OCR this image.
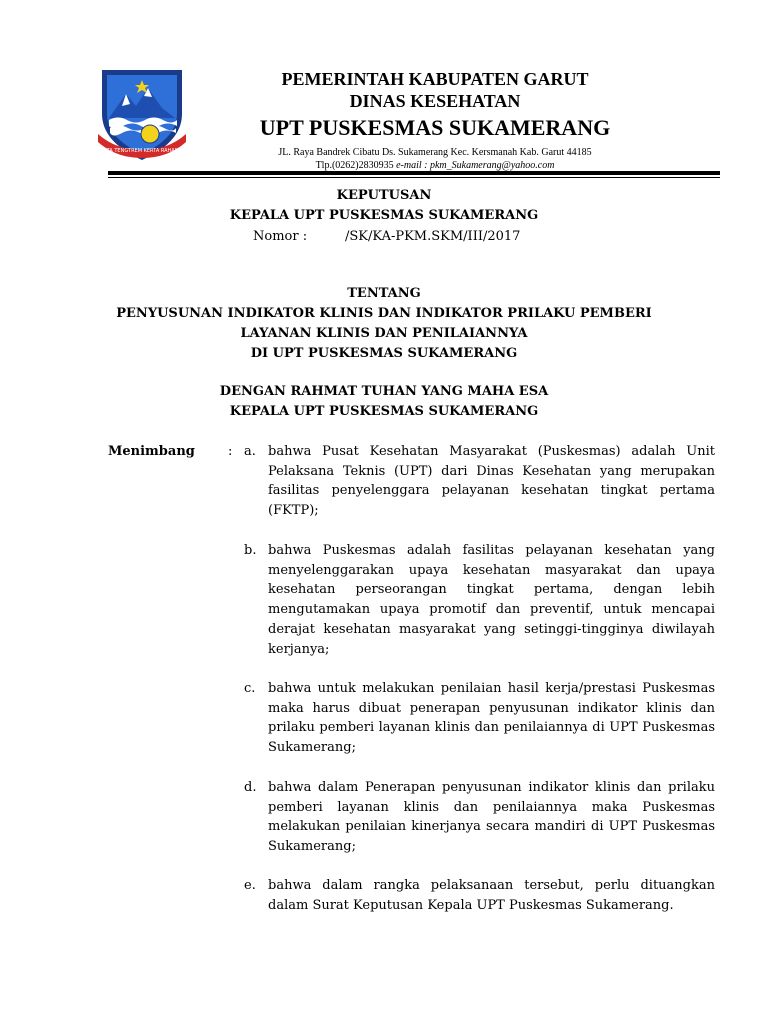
TATA TENGTREM KERTA RAHARJA
PEMERINTAH KABUPATEN GARUT
DINAS KESEHATAN
UPT PUSKESMAS SUKAMERANG
JL. Raya Bandrek Cibatu Ds. Sukamerang Kec. Kersmanah Kab. Garut 44185
Tlp.(0262)2830935 e-mail : pkm_Sukamerang@yahoo.com
KEPUTUSAN
KEPALA UPT PUSKESMAS SUKAMERANG
Nomor :	/SK/KA-PKM.SKM/III/2017
TENTANG
PENYUSUNAN INDIKATOR KLINIS DAN INDIKATOR PRILAKU PEMBERI
LAYANAN KLINIS DAN PENILAIANNYA
DI UPT PUSKESMAS SUKAMERANG
DENGAN RAHMAT TUHAN YANG MAHA ESA
KEPALA UPT PUSKESMAS SUKAMERANG
Menimbang	: a. bahwa Pusat Kesehatan Masyarakat (Puskesmas) adalah Unit Pelaksana Teknis (UPT) dari Dinas Kesehatan yang merupakan fasilitas penyelenggara pelayanan kesehatan tingkat pertama (FKTP);
b. bahwa Puskesmas adalah fasilitas pelayanan kesehatan yang menyelenggarakan upaya kesehatan masyarakat dan upaya kesehatan perseorangan tingkat pertama, dengan lebih mengutamakan upaya promotif dan preventif, untuk mencapai derajat kesehatan masyarakat yang setinggi-tingginya diwilayah kerjanya;
c. bahwa untuk melakukan penilaian hasil kerja/prestasi Puskesmas maka harus dibuat penerapan penyusunan indikator klinis dan prilaku pemberi layanan klinis dan penilaiannya di UPT Puskesmas Sukamerang;
d. bahwa dalam Penerapan penyusunan indikator klinis dan prilaku pemberi layanan klinis dan penilaiannya maka Puskesmas melakukan penilaian kinerjanya secara mandiri di UPT Puskesmas Sukamerang;
e. bahwa dalam rangka pelaksanaan tersebut, perlu dituangkan dalam Surat Keputusan Kepala UPT Puskesmas Sukamerang.
